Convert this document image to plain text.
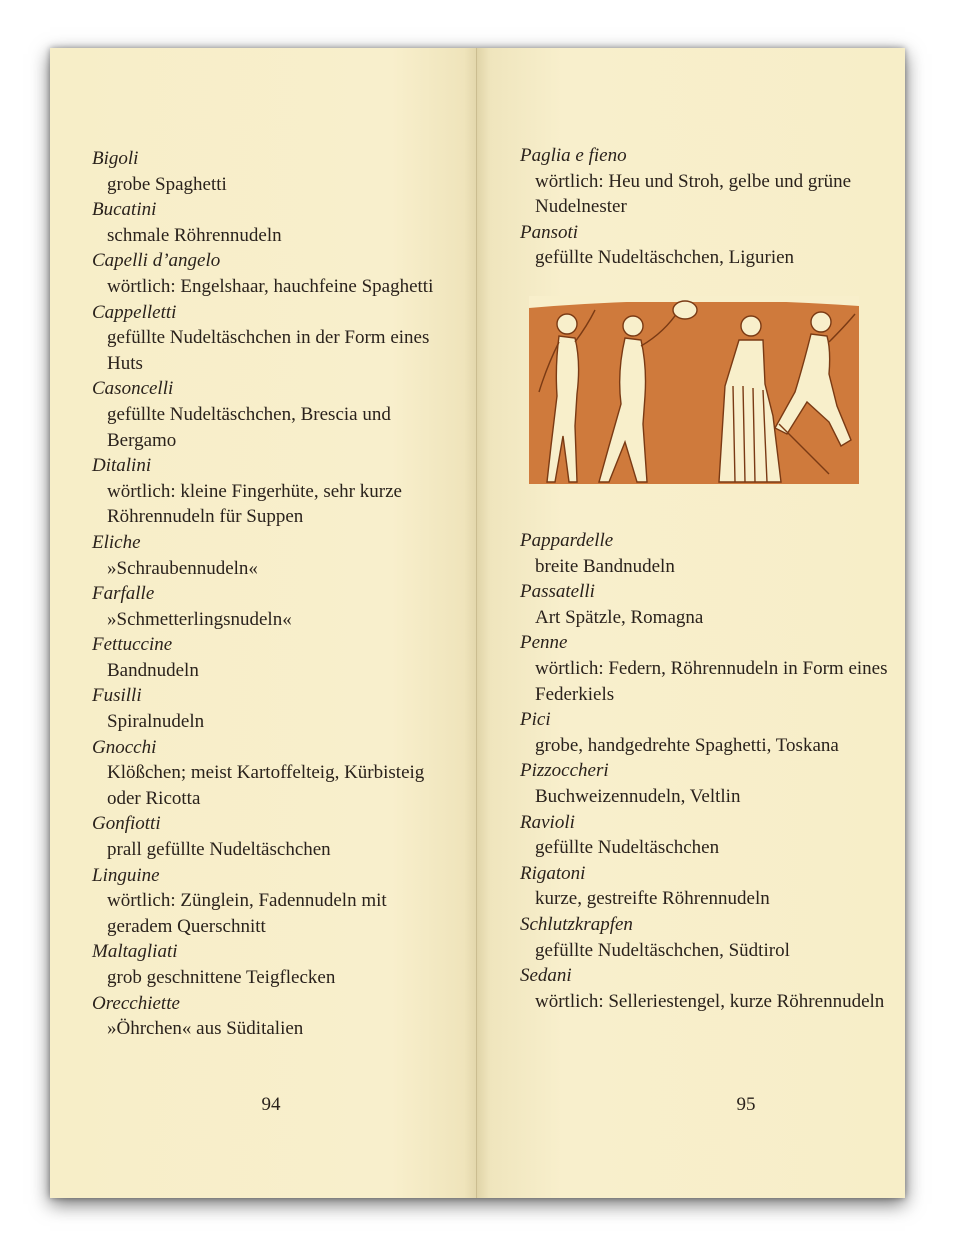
Bigoli
grobe Spaghetti
Bucatini
schmale Röhrennudeln
Capelli d’angelo
wörtlich: Engelshaar, hauchfeine Spaghetti
Cappelletti
gefüllte Nudeltäschchen in der Form eines Huts
Casoncelli
gefüllte Nudeltäschchen, Brescia und Bergamo
Ditalini
wörtlich: kleine Fingerhüte, sehr kurze Röhrennudeln für Suppen
Eliche
»Schraubennudeln«
Farfalle
»Schmetterlingsnudeln«
Fettuccine
Bandnudeln
Fusilli
Spiralnudeln
Gnocchi
Klößchen; meist Kartoffelteig, Kürbisteig oder Ricotta
Gonfiotti
prall gefüllte Nudeltäschchen
Linguine
wörtlich: Zünglein, Fadennudeln mit geradem Querschnitt
Maltagliati
grob geschnittene Teigflecken
Orecchiette
»Öhrchen« aus Süditalien
94
Paglia e fieno
wörtlich: Heu und Stroh, gelbe und grüne Nudelnester
Pansoti
gefüllte Nudeltäschchen, Ligurien
Pappardelle
breite Bandnudeln
Passatelli
Art Spätzle, Romagna
Penne
wörtlich: Federn, Röhrennudeln in Form eines Federkiels
Pici
grobe, handgedrehte Spaghetti, Toskana
Pizzoccheri
Buchweizennudeln, Veltlin
Ravioli
gefüllte Nudeltäschchen
Rigatoni
kurze, gestreifte Röhrennudeln
Schlutzkrapfen
gefüllte Nudeltäschchen, Südtirol
Sedani
wörtlich: Selleriestengel, kurze Röhrennudeln
95
